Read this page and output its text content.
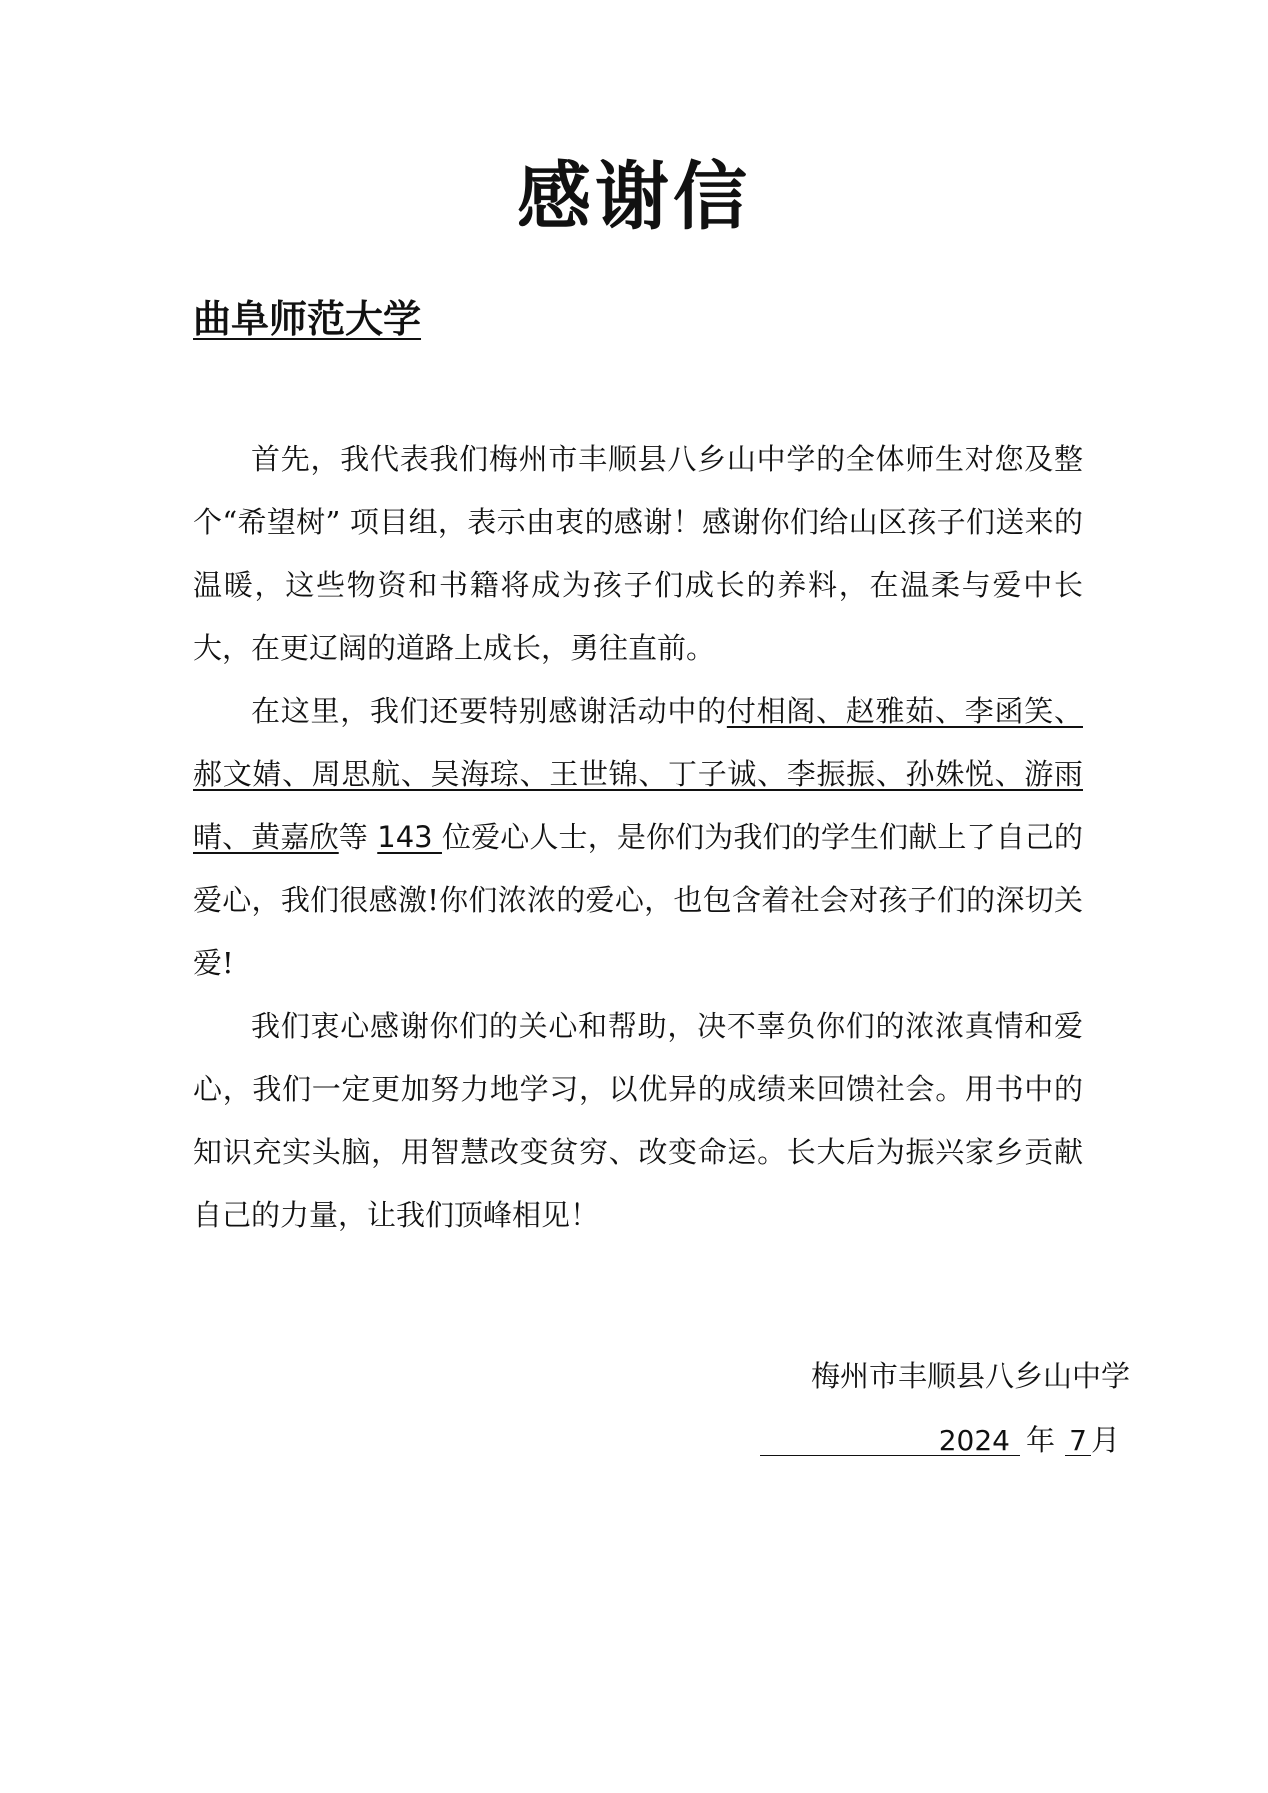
感谢信
曲阜师范大学

首先，我代表我们梅州市丰顺县八乡山中学的全体师生对您及整个“希望树” 项目组，表示由衷的感谢！感谢你们给山区孩子们送来的温暖，这些物资和书籍将成为孩子们成长的养料，在温柔与爱中长大，在更辽阔的道路上成长，勇往直前。

在这里，我们还要特别感谢活动中的付相阁、赵雅茹、李函笑、郝文婧、周思航、吴海琮、王世锦、丁子诚、李振振、孙姝悦、游雨晴、黄嘉欣等 143 位爱心人士，是你们为我们的学生们献上了自己的爱心，我们很感激!你们浓浓的爱心，也包含着社会对孩子们的深切关爱!

我们衷心感谢你们的关心和帮助，决不辜负你们的浓浓真情和爱心，我们一定更加努力地学习，以优异的成绩来回馈社会。用书中的知识充实头脑，用智慧改变贫穷、改变命运。长大后为振兴家乡贡献自己的力量，让我们顶峰相见！

梅州市丰顺县八乡山中学
2024 年 7 月
